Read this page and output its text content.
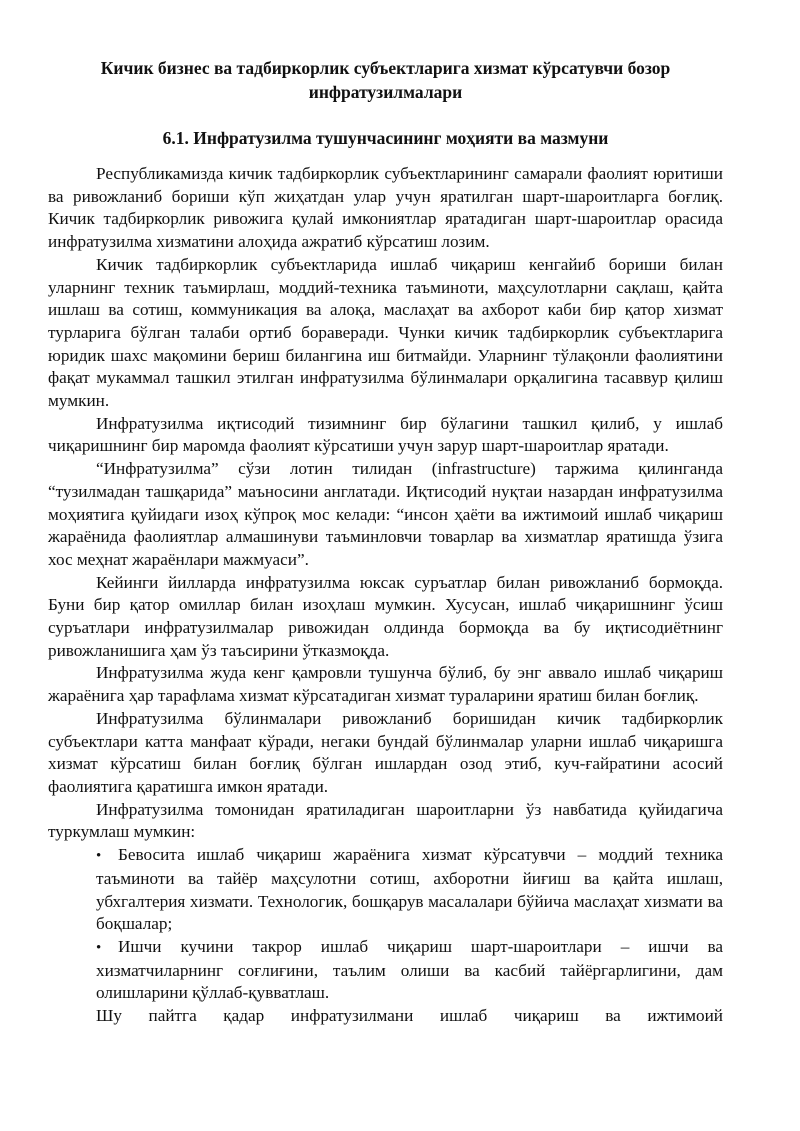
Кичик бизнес ва тадбиркорлик субъектларига хизмат кўрсатувчи бозор инфратузилмалари
6.1. Инфратузилма тушунчасининг моҳияти ва мазмуни

Республикамизда кичик тадбиркорлик субъектларининг самарали фаолият юритиши ва ривожланиб бориши кўп жиҳатдан улар учун яратилган шарт-шароитларга боғлиқ. Кичик тадбиркорлик ривожига қулай имкониятлар яратадиган шарт-шароитлар орасида инфратузилма хизматини алоҳида ажратиб кўрсатиш лозим.

Кичик тадбиркорлик субъектларида ишлаб чиқариш кенгайиб бориши билан уларнинг техник таъмирлаш, моддий-техника таъминоти, маҳсулотларни сақлаш, қайта ишлаш ва сотиш, коммуникация ва алоқа, маслаҳат ва ахборот каби бир қатор хизмат турларига бўлган талаби ортиб бораверади. Чунки кичик тадбиркорлик субъектларига юридик шахс мақомини бериш билангина иш битмайди. Уларнинг тўлақонли фаолиятини фақат мукаммал ташкил этилган инфратузилма бўлинмалари орқалигина тасаввур қилиш мумкин.

Инфратузилма иқтисодий тизимнинг бир бўлагини ташкил қилиб, у ишлаб чиқаришнинг бир маромда фаолият кўрсатиши учун зарур шарт-шароитлар яратади.

“Инфратузилма” сўзи лотин тилидан (infrastructure) таржима қилинганда “тузилмадан ташқарида” маъносини англатади. Иқтисодий нуқтаи назардан инфратузилма моҳиятига қуйидаги изоҳ кўпроқ мос келади: “инсон ҳаёти ва ижтимоий ишлаб чиқариш жараёнида фаолиятлар алмашинуви таъминловчи товарлар ва хизматлар яратишда ўзига хос меҳнат жараёнлари мажмуаси”.

Кейинги йилларда инфратузилма юксак суръатлар билан ривожланиб бормоқда. Буни бир қатор омиллар билан изоҳлаш мумкин. Хусусан, ишлаб чиқаришнинг ўсиш суръатлари инфратузилмалар ривожидан олдинда бормоқда ва бу иқтисодиётнинг ривожланишига ҳам ўз таъсирини ўтказмоқда.

Инфратузилма жуда кенг қамровли тушунча бўлиб, бу энг аввало ишлаб чиқариш жараёнига ҳар тарафлама хизмат кўрсатадиган хизмат тураларини яратиш билан боғлиқ.

Инфратузилма бўлинмалари ривожланиб боришидан кичик тадбиркорлик субъектлари катта манфаат кўради, негаки бундай бўлинмалар уларни ишлаб чиқаришга хизмат кўрсатиш билан боғлиқ бўлган ишлардан озод этиб, куч-ғайратини асосий фаолиятига қаратишга имкон яратади.

Инфратузилма томонидан яратиладиган шароитларни ўз навбатида қуйидагича туркумлаш мумкин:

• Бевосита ишлаб чиқариш жараёнига хизмат кўрсатувчи – моддий техника таъминоти ва тайёр маҳсулотни сотиш, ахборотни йиғиш ва қайта ишлаш, убхгалтерия хизмати. Технологик, бошқарув масалалари бўйича маслаҳат хизмати ва боқшалар;
• Ишчи кучини такрор ишлаб чиқариш шарт-шароитлари – ишчи ва хизматчиларнинг соғлиғини, таълим олиши ва касбий тайёргарлигини, дам олишларини қўллаб-қувватлаш.

Шу пайтга қадар инфратузилмани ишлаб чиқариш ва ижтимоий
